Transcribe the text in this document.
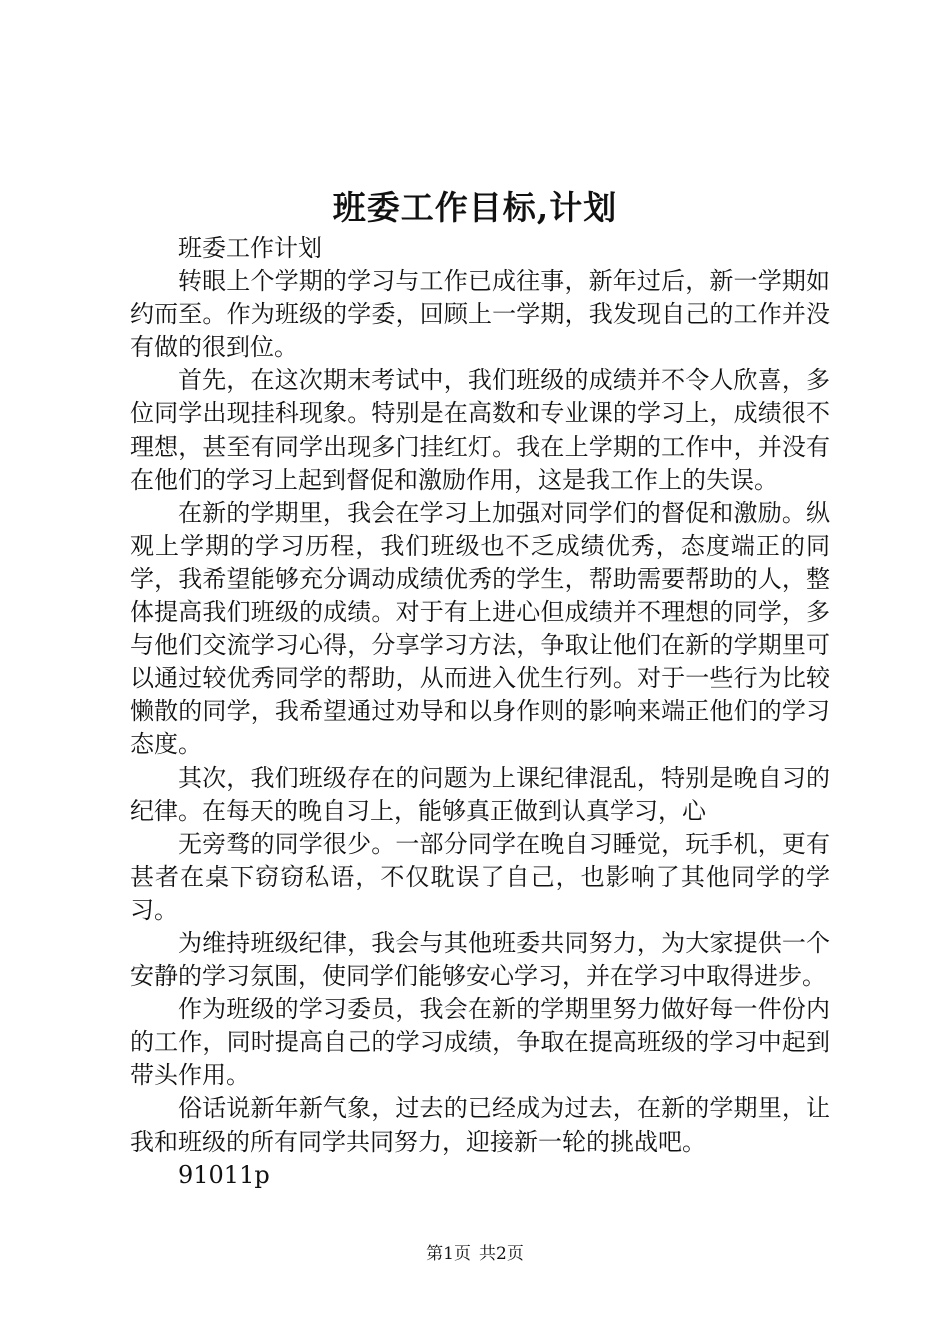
班委工作目标,计划

班委工作计划

转眼上个学期的学习与工作已成往事，新年过后，新一学期如约而至。作为班级的学委，回顾上一学期，我发现自己的工作并没有做的很到位。

首先，在这次期末考试中，我们班级的成绩并不令人欣喜，多位同学出现挂科现象。特别是在高数和专业课的学习上，成绩很不理想，甚至有同学出现多门挂红灯。我在上学期的工作中，并没有在他们的学习上起到督促和激励作用，这是我工作上的失误。

在新的学期里，我会在学习上加强对同学们的督促和激励。纵观上学期的学习历程，我们班级也不乏成绩优秀，态度端正的同学，我希望能够充分调动成绩优秀的学生，帮助需要帮助的人，整体提高我们班级的成绩。对于有上进心但成绩并不理想的同学，多与他们交流学习心得，分享学习方法，争取让他们在新的学期里可以通过较优秀同学的帮助，从而进入优生行列。对于一些行为比较懒散的同学，我希望通过劝导和以身作则的影响来端正他们的学习态度。

其次，我们班级存在的问题为上课纪律混乱，特别是晚自习的纪律。在每天的晚自习上，能够真正做到认真学习，心

无旁骛的同学很少。一部分同学在晚自习睡觉，玩手机，更有甚者在桌下窃窃私语，不仅耽误了自己，也影响了其他同学的学习。

为维持班级纪律，我会与其他班委共同努力，为大家提供一个安静的学习氛围，使同学们能够安心学习，并在学习中取得进步。

作为班级的学习委员，我会在新的学期里努力做好每一件份内的工作，同时提高自己的学习成绩，争取在提高班级的学习中起到带头作用。

俗话说新年新气象，过去的已经成为过去，在新的学期里，让我和班级的所有同学共同努力，迎接新一轮的挑战吧。

91011p

第1页 共2页
